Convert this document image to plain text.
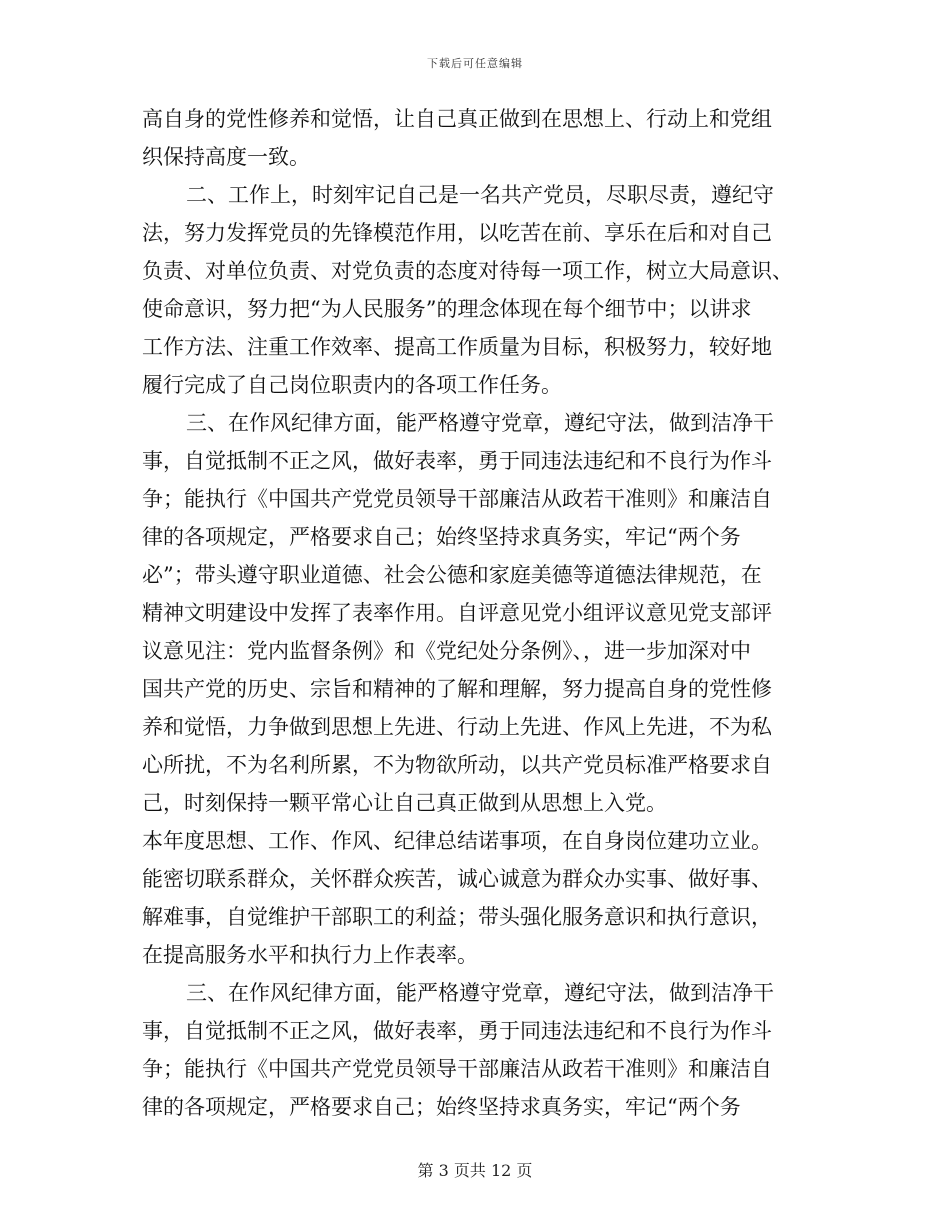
下载后可任意编辑
高自身的党性修养和觉悟，让自己真正做到在思想上、行动上和党组
织保持高度一致。
二、工作上，时刻牢记自己是一名共产党员，尽职尽责，遵纪守
法，努力发挥党员的先锋模范作用，以吃苦在前、享乐在后和对自己
负责、对单位负责、对党负责的态度对待每一项工作，树立大局意识、
使命意识，努力把“为人民服务”的理念体现在每个细节中；以讲求
工作方法、注重工作效率、提高工作质量为目标，积极努力，较好地
履行完成了自己岗位职责内的各项工作任务。
三、在作风纪律方面，能严格遵守党章，遵纪守法，做到洁净干
事，自觉抵制不正之风，做好表率，勇于同违法违纪和不良行为作斗
争；能执行《中国共产党党员领导干部廉洁从政若干准则》和廉洁自
律的各项规定，严格要求自己；始终坚持求真务实，牢记“两个务
必”；带头遵守职业道德、社会公德和家庭美德等道德法律规范，在
精神文明建设中发挥了表率作用。自评意见党小组评议意见党支部评
议意见注：党内监督条例》和《党纪处分条例》、，进一步加深对中
国共产党的历史、宗旨和精神的了解和理解，努力提高自身的党性修
养和觉悟，力争做到思想上先进、行动上先进、作风上先进，不为私
心所扰，不为名利所累，不为物欲所动，以共产党员标准严格要求自
己，时刻保持一颗平常心让自己真正做到从思想上入党。
本年度思想、工作、作风、纪律总结诺事项，在自身岗位建功立业。
能密切联系群众，关怀群众疾苦，诚心诚意为群众办实事、做好事、
解难事，自觉维护干部职工的利益；带头强化服务意识和执行意识，
在提高服务水平和执行力上作表率。
三、在作风纪律方面，能严格遵守党章，遵纪守法，做到洁净干
事，自觉抵制不正之风，做好表率，勇于同违法违纪和不良行为作斗
争；能执行《中国共产党党员领导干部廉洁从政若干准则》和廉洁自
律的各项规定，严格要求自己；始终坚持求真务实，牢记“两个务
第 3 页共 12 页
